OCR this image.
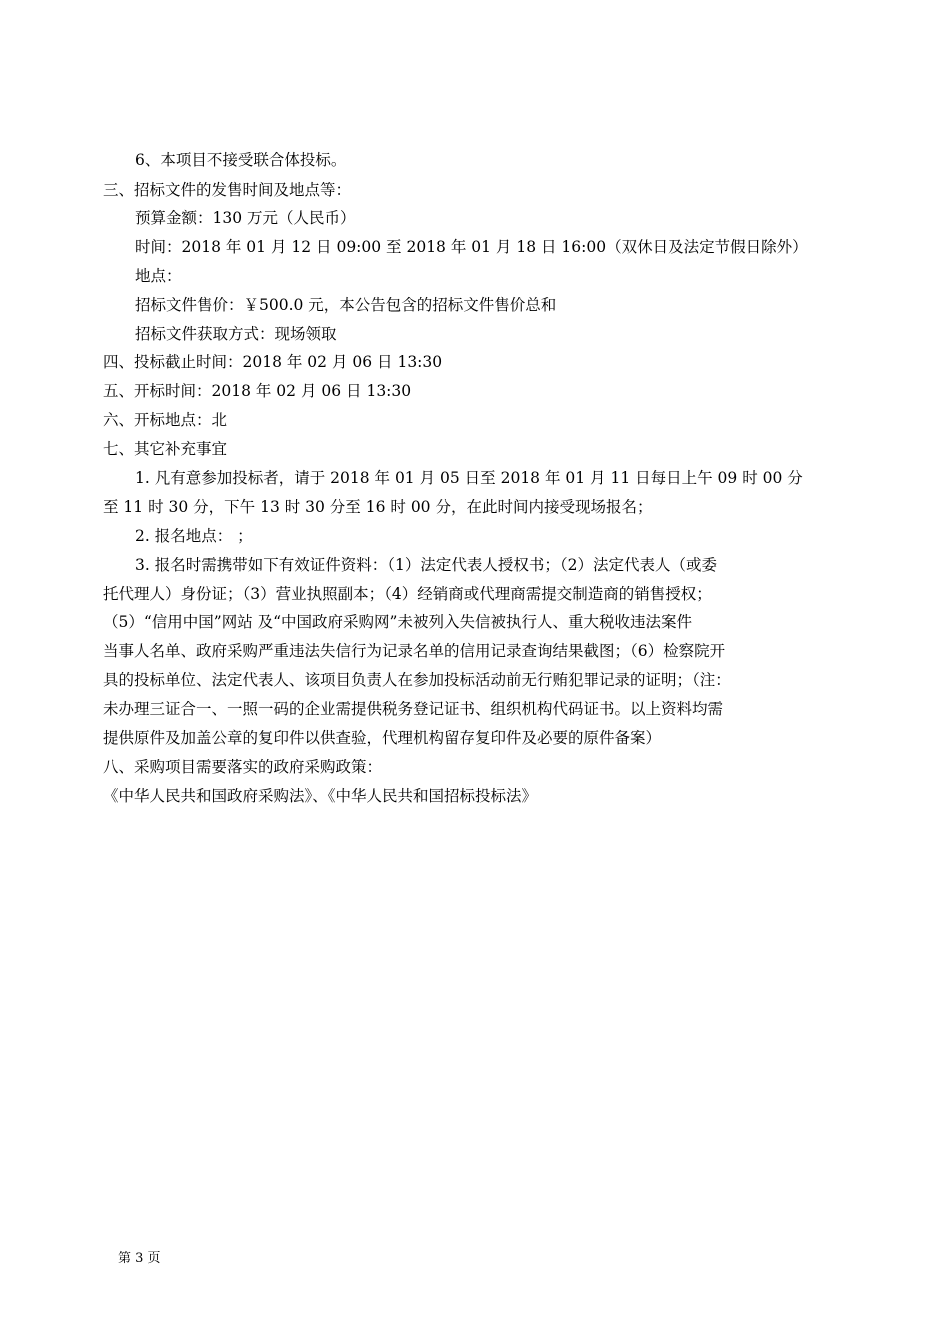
6、本项目不接受联合体投标。
三、招标文件的发售时间及地点等：
预算金额：130 万元（人民币）
时间：2018 年 01 月 12 日 09:00 至 2018 年 01 月 18 日 16:00（双休日及法定节假日除外）
地点：
招标文件售价：￥500.0 元，本公告包含的招标文件售价总和
招标文件获取方式：现场领取
四、投标截止时间：2018 年 02 月 06 日 13:30
五、开标时间：2018 年 02 月 06 日 13:30
六、开标地点：北
七、其它补充事宜
1. 凡有意参加投标者，请于 2018 年 01 月 05 日至 2018 年 01 月 11 日每日上午 09 时 00 分
至 11 时 30 分，下午 13 时 30 分至 16 时 00 分，在此时间内接受现场报名；
2. 报名地点： ；
3. 报名时需携带如下有效证件资料：（1）法定代表人授权书；（2）法定代表人（或委
托代理人）身份证；（3）营业执照副本；（4）经销商或代理商需提交制造商的销售授权；
（5）“信用中国”网站 及“中国政府采购网”未被列入失信被执行人、重大税收违法案件
当事人名单、政府采购严重违法失信行为记录名单的信用记录查询结果截图；（6）检察院开
具的投标单位、法定代表人、该项目负责人在参加投标活动前无行贿犯罪记录的证明；（注：
未办理三证合一、一照一码的企业需提供税务登记证书、组织机构代码证书。以上资料均需
提供原件及加盖公章的复印件以供查验，代理机构留存复印件及必要的原件备案）
八、采购项目需要落实的政府采购政策：
《中华人民共和国政府采购法》、《中华人民共和国招标投标法》
第 3 页
